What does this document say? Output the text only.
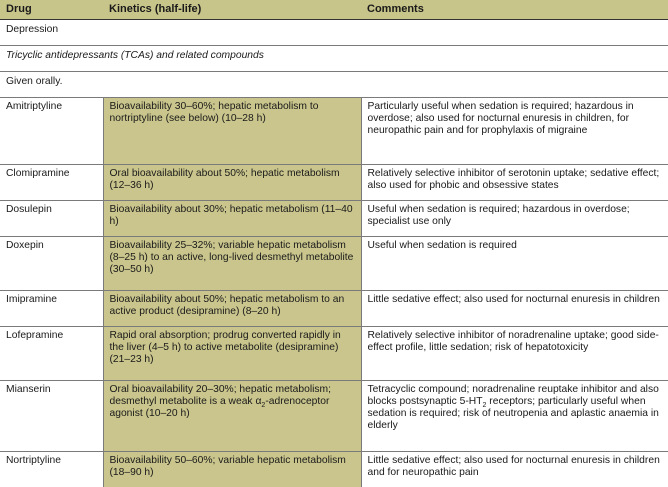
Drug	Kinetics (half-life)	Comments
Depression		
Tricyclic antidepressants (TCAs) and related compounds		
Given orally.		
Amitriptyline	Bioavailability 30–60%; hepatic metabolism to nortriptyline (see below) (10–28 h)	Particularly useful when sedation is required; hazardous in overdose; also used for nocturnal enuresis in children, for neuropathic pain and for prophylaxis of migraine
Clomipramine	Oral bioavailability about 50%; hepatic metabolism (12–36 h)	Relatively selective inhibitor of serotonin uptake; sedative effect; also used for phobic and obsessive states
Dosulepin	Bioavailability about 30%; hepatic metabolism (11–40 h)	Useful when sedation is required; hazardous in overdose; specialist use only
Doxepin	Bioavailability 25–32%; variable hepatic metabolism (8–25 h) to an active, long-lived desmethyl metabolite (30–50 h)	Useful when sedation is required
Imipramine	Bioavailability about 50%; hepatic metabolism to an active product (desipramine) (8–20 h)	Little sedative effect; also used for nocturnal enuresis in children
Lofepramine	Rapid oral absorption; prodrug converted rapidly in the liver (4–5 h) to active metabolite (desipramine) (21–23 h)	Relatively selective inhibitor of noradrenaline uptake; good side-effect profile, little sedation; risk of hepatotoxicity
Mianserin	Oral bioavailability 20–30%; hepatic metabolism; desmethyl metabolite is a weak $\alpha_2$-adrenoceptor agonist (10–20 h)	Tetracyclic compound; noradrenaline reuptake inhibitor and also blocks postsynaptic $5-HT_2$ receptors; particularly useful when sedation is required; risk of neutropenia and aplastic anaemia in elderly
Nortriptyline	Bioavailability 50–60%; variable hepatic metabolism (18–90 h)	Little sedative effect; also used for nocturnal enuresis in children and for neuropathic pain
